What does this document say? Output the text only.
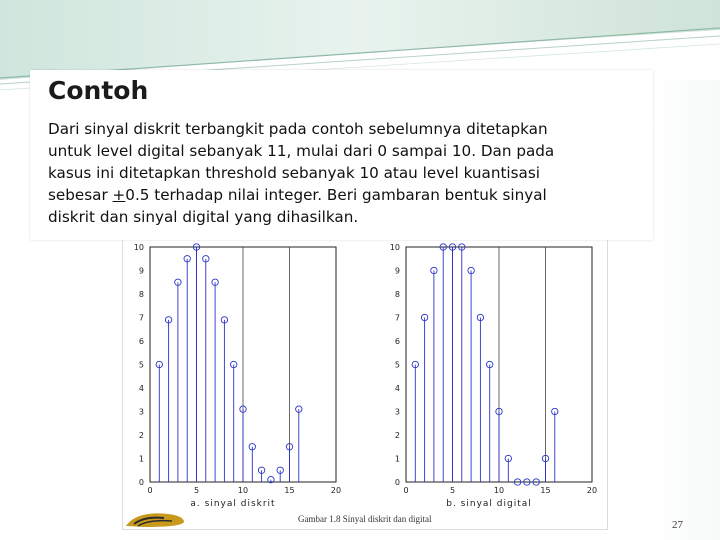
0
1
2
3
4
5
6
7
8
9
10
0	5	10	15	20
a. sinyal diskrit
0
1
2
3
4
5
6
7
8
9
10
0	5	10	15	20
b. sinyal digital
Gambar 1.8 Sinyal diskrit dan digital
Contoh
Dari sinyal diskrit terbangkit pada contoh sebelumnya ditetapkan
untuk level digital sebanyak 11, mulai dari 0 sampai 10. Dan pada
kasus ini ditetapkan threshold sebanyak 10 atau level kuantisasi
sebesar +0.5 terhadap nilai integer. Beri gambaran bentuk sinyal
diskrit dan sinyal digital yang dihasilkan.
27
